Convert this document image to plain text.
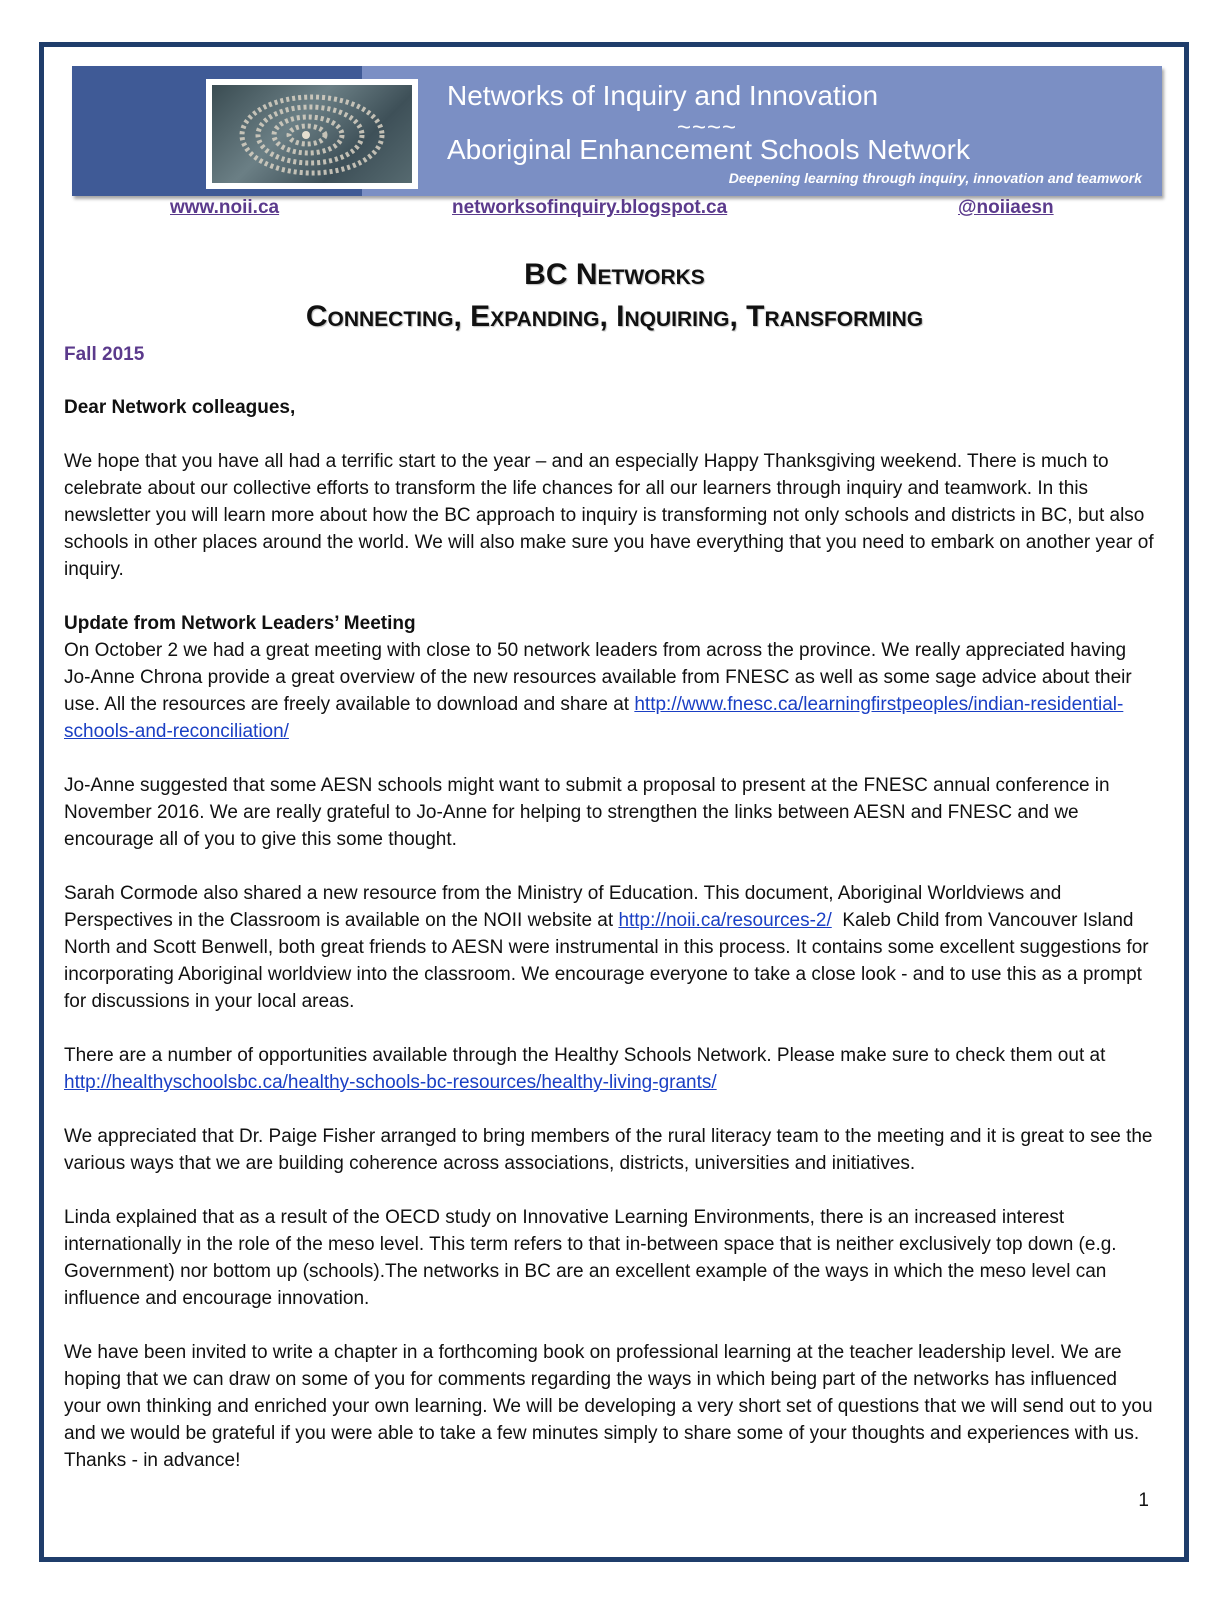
Networks of Inquiry and Innovation
~~~~
Aboriginal Enhancement Schools Network
Deepening learning through inquiry, innovation and teamwork
www.noii.ca	networksofinquiry.blogspot.ca	@noiiaesn
BC Networks
Connecting, Expanding, Inquiring, Transforming
Fall 2015

Dear Network colleagues,

We hope that you have all had a terrific start to the year – and an especially Happy Thanksgiving weekend. There is much to celebrate about our collective efforts to transform the life chances for all our learners through inquiry and teamwork. In this newsletter you will learn more about how the BC approach to inquiry is transforming not only schools and districts in BC, but also schools in other places around the world. We will also make sure you have everything that you need to embark on another year of inquiry.

Update from Network Leaders’ Meeting
On October 2 we had a great meeting with close to 50 network leaders from across the province. We really appreciated having Jo-Anne Chrona provide a great overview of the new resources available from FNESC as well as some sage advice about their use. All the resources are freely available to download and share at http://www.fnesc.ca/learningfirstpeoples/indian-residential-schools-and-reconciliation/

Jo-Anne suggested that some AESN schools might want to submit a proposal to present at the FNESC annual conference in November 2016. We are really grateful to Jo-Anne for helping to strengthen the links between AESN and FNESC and we encourage all of you to give this some thought.

Sarah Cormode also shared a new resource from the Ministry of Education. This document, Aboriginal Worldviews and Perspectives in the Classroom is available on the NOII website at http://noii.ca/resources-2/  Kaleb Child from Vancouver Island North and Scott Benwell, both great friends to AESN were instrumental in this process. It contains some excellent suggestions for incorporating Aboriginal worldview into the classroom. We encourage everyone to take a close look - and to use this as a prompt for discussions in your local areas.

There are a number of opportunities available through the Healthy Schools Network. Please make sure to check them out at http://healthyschoolsbc.ca/healthy-schools-bc-resources/healthy-living-grants/

We appreciated that Dr. Paige Fisher arranged to bring members of the rural literacy team to the meeting and it is great to see the various ways that we are building coherence across associations, districts, universities and initiatives.

Linda explained that as a result of the OECD study on Innovative Learning Environments, there is an increased interest internationally in the role of the meso level. This term refers to that in-between space that is neither exclusively top down (e.g. Government) nor bottom up (schools).The networks in BC are an excellent example of the ways in which the meso level can influence and encourage innovation.

We have been invited to write a chapter in a forthcoming book on professional learning at the teacher leadership level. We are hoping that we can draw on some of you for comments regarding the ways in which being part of the networks has influenced your own thinking and enriched your own learning. We will be developing a very short set of questions that we will send out to you and we would be grateful if you were able to take a few minutes simply to share some of your thoughts and experiences with us. Thanks - in advance!

1
